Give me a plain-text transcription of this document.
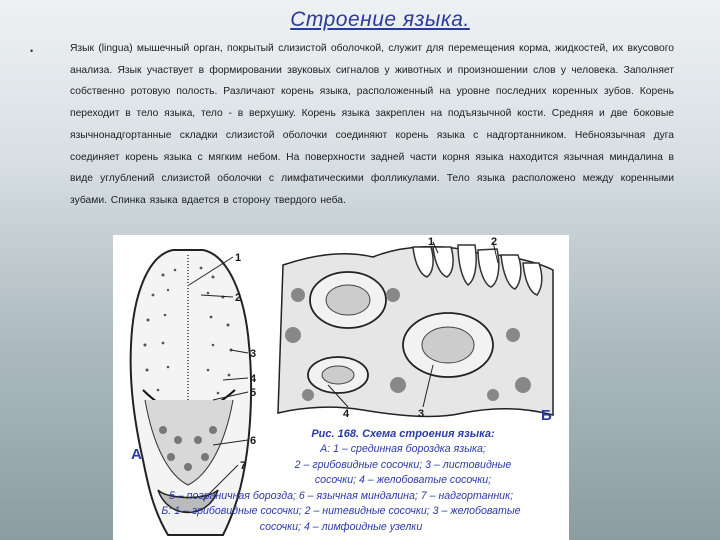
Строение языка.
•	Язык (lingua) мышечный орган, покрытый слизистой оболочкой, служит для перемещения корма, жидкостей, их вкусового анализа. Язык участвует в формировании звуковых сигналов у животных и произношении слов у человека. Заполняет собственно ротовую полость. Различают корень языка, расположенный на уровне последних коренных зубов. Корень переходит в тело языка, тело - в верхушку. Корень языка закреплен на подъязычной кости. Средняя и две боковые язычнонадгортанные складки слизистой оболочки соединяют корень языка с надгортанником. Небноязычная дуга соединяет корень языка с мягким небом. На поверхности задней части корня языка находится язычная миндалина в виде углублений слизистой оболочки с лимфатическими фолликулами. Тело языка расположено между коренными зубами. Спинка языка вдается в сторону твердого неба.
1
2
3
4
5
6
7
А
1	2
4	3	Б
Рис. 168. Схема строения языка:
А: 1 – срединная бороздка языка;
2 – грибовидные сосочки; 3 – листовидные
сосочки; 4 – желобоватые сосочки;
5 – пограничная борозда; 6 – язычная миндалина; 7 – надгортанник;
Б: 1 – грибовидные сосочки; 2 – нитевидные сосочки; 3 – желобоватые
сосочки; 4 – лимфоидные узелки
